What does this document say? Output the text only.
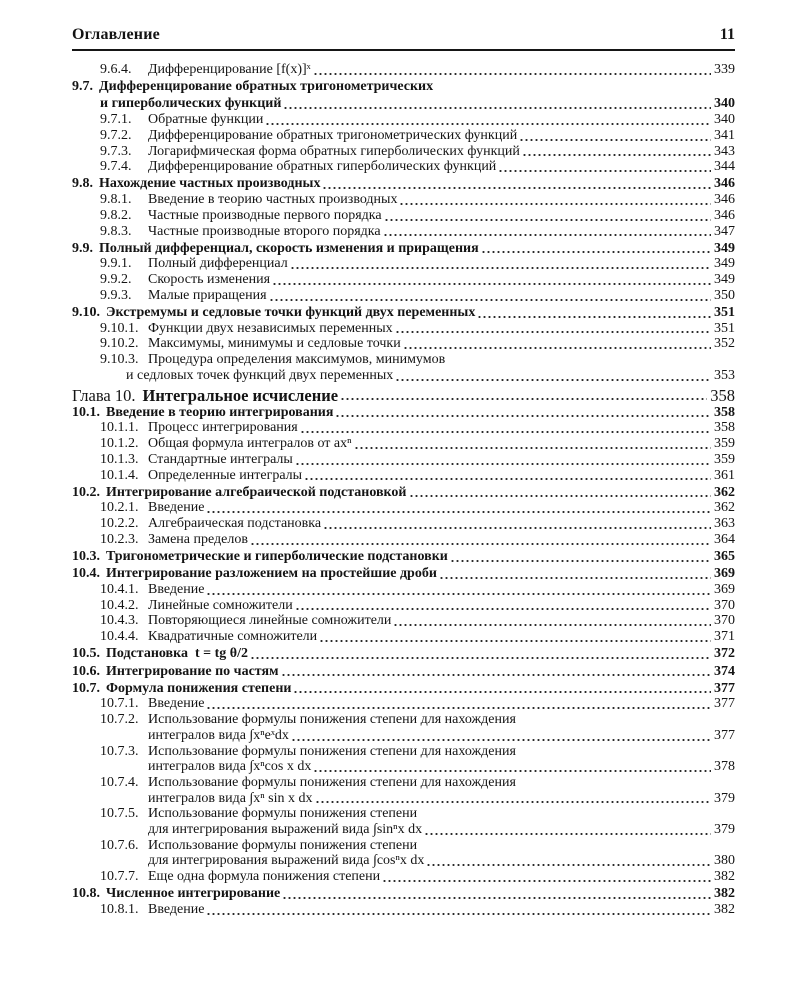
Оглавление	11
9.6.4.	Дифференцирование [f(x)]ˣ	339
9.7. Дифференцирование обратных тригонометрических
и гиперболических функций	340
9.7.1.	Обратные функции	340
9.7.2.	Дифференцирование обратных тригонометрических функций	341
9.7.3.	Логарифмическая форма обратных гиперболических функций	343
9.7.4.	Дифференцирование обратных гиперболических функций	344
9.8. Нахождение частных производных	346
9.8.1.	Введение в теорию частных производных	346
9.8.2.	Частные производные первого порядка	346
9.8.3.	Частные производные второго порядка	347
9.9. Полный дифференциал, скорость изменения и приращения	349
9.9.1.	Полный дифференциал	349
9.9.2.	Скорость изменения	349
9.9.3.	Малые приращения	350
9.10. Экстремумы и седловые точки функций двух переменных	351
9.10.1. Функции двух независимых переменных	351
9.10.2. Максимумы, минимумы и седловые точки	352
9.10.3. Процедура определения максимумов, минимумов
и седловых точек функций двух переменных	353
Глава 10. Интегральное исчисление	358
10.1. Введение в теорию интегрирования	358
10.1.1. Процесс интегрирования	358
10.1.2. Общая формула интегралов от axⁿ	359
10.1.3. Стандартные интегралы	359
10.1.4. Определенные интегралы	361
10.2. Интегрирование алгебраической подстановкой	362
10.2.1. Введение	362
10.2.2. Алгебраическая подстановка	363
10.2.3. Замена пределов	364
10.3. Тригонометрические и гиперболические подстановки	365
10.4. Интегрирование разложением на простейшие дроби	369
10.4.1. Введение	369
10.4.2. Линейные сомножители	370
10.4.3. Повторяющиеся линейные сомножители	370
10.4.4. Квадратичные сомножители	371
10.5. Подстановка  t = tg θ/2	372
10.6. Интегрирование по частям	374
10.7. Формула понижения степени	377
10.7.1. Введение	377
10.7.2. Использование формулы понижения степени для нахождения
интегралов вида ∫xⁿeˣdx	377
10.7.3. Использование формулы понижения степени для нахождения
интегралов вида ∫xⁿcos x dx	378
10.7.4. Использование формулы понижения степени для нахождения
интегралов вида ∫xⁿ sin x dx	379
10.7.5. Использование формулы понижения степени
для интегрирования выражений вида ∫sinⁿx dx	379
10.7.6. Использование формулы понижения степени
для интегрирования выражений вида ∫cosⁿx dx	380
10.7.7. Еще одна формула понижения степени	382
10.8. Численное интегрирование	382
10.8.1. Введение	382
